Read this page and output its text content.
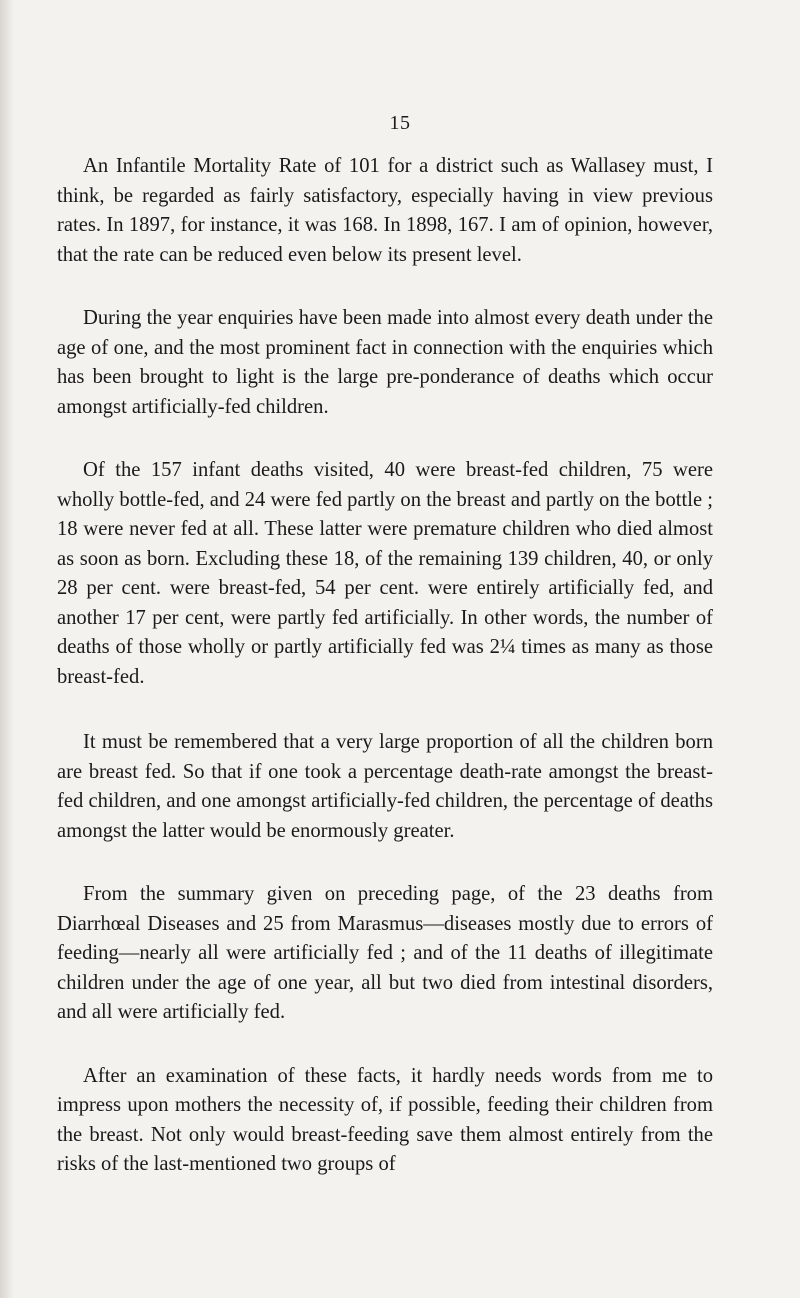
15

An Infantile Mortality Rate of 101 for a district such as Wallasey must, I think, be regarded as fairly satisfactory, especially having in view previous rates. In 1897, for instance, it was 168. In 1898, 167. I am of opinion, however, that the rate can be reduced even below its present level.

During the year enquiries have been made into almost every death under the age of one, and the most prominent fact in connection with the enquiries which has been brought to light is the large pre-ponderance of deaths which occur amongst artificially-fed children.

Of the 157 infant deaths visited, 40 were breast-fed children, 75 were wholly bottle-fed, and 24 were fed partly on the breast and partly on the bottle ; 18 were never fed at all. These latter were premature children who died almost as soon as born. Excluding these 18, of the remaining 139 children, 40, or only 28 per cent. were breast-fed, 54 per cent. were entirely artificially fed, and another 17 per cent, were partly fed artificially. In other words, the number of deaths of those wholly or partly artificially fed was 2¼ times as many as those breast-fed.

It must be remembered that a very large proportion of all the children born are breast fed. So that if one took a percentage death-rate amongst the breast-fed children, and one amongst artificially-fed children, the percentage of deaths amongst the latter would be enormously greater.

From the summary given on preceding page, of the 23 deaths from Diarrhœal Diseases and 25 from Marasmus—diseases mostly due to errors of feeding—nearly all were artificially fed ; and of the 11 deaths of illegitimate children under the age of one year, all but two died from intestinal disorders, and all were artificially fed.

After an examination of these facts, it hardly needs words from me to impress upon mothers the necessity of, if possible, feeding their children from the breast. Not only would breast-feeding save them almost entirely from the risks of the last-mentioned two groups of
